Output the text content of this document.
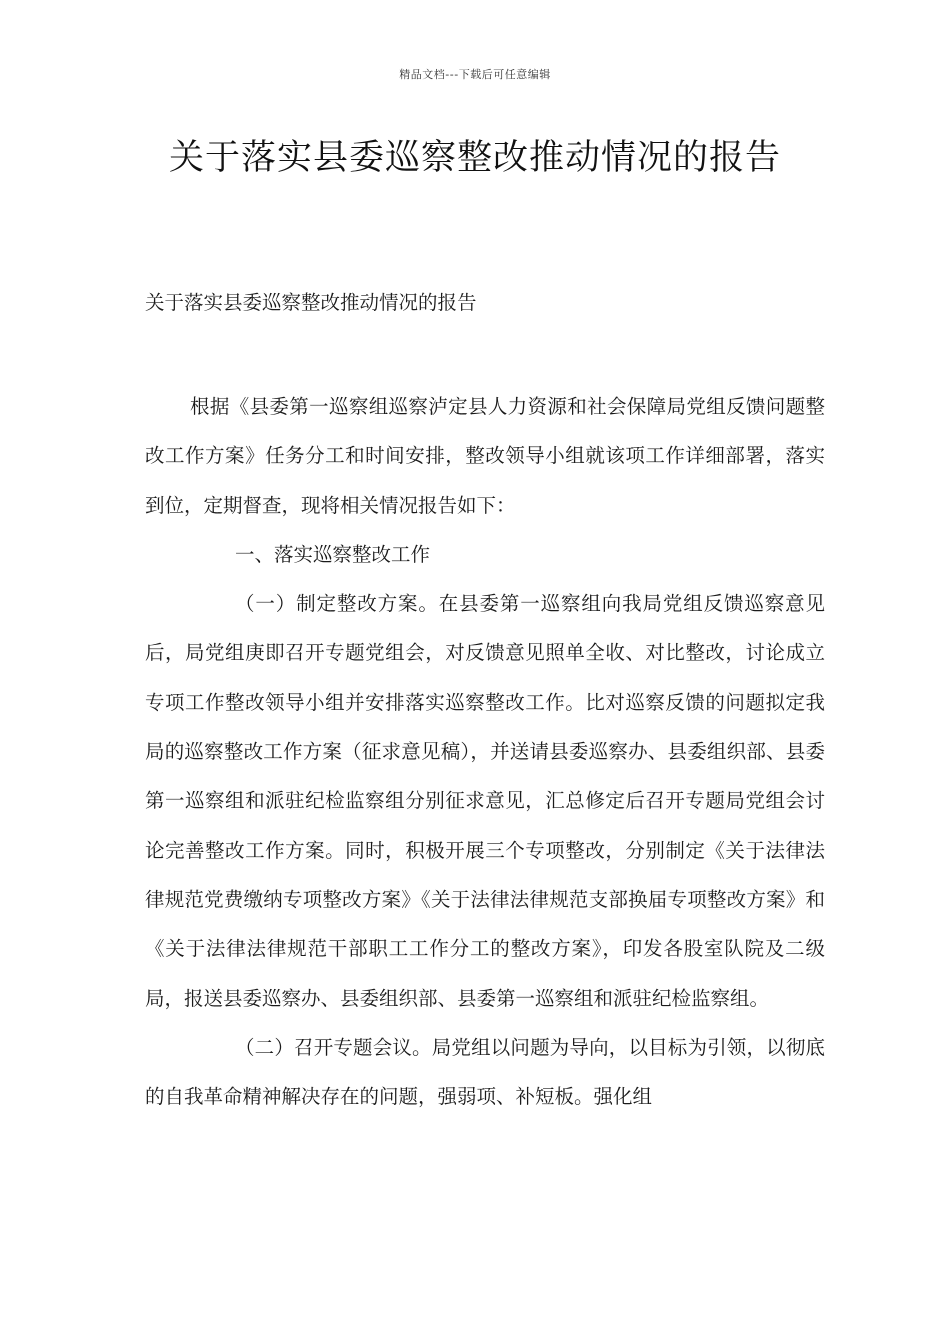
精品文档---下载后可任意编辑
关于落实县委巡察整改推动情况的报告
关于落实县委巡察整改推动情况的报告

根据《县委第一巡察组巡察泸定县人力资源和社会保障局党组反馈问题整改工作方案》任务分工和时间安排，整改领导小组就该项工作详细部署，落实到位，定期督查，现将相关情况报告如下：

一、落实巡察整改工作

（一）制定整改方案。在县委第一巡察组向我局党组反馈巡察意见后，局党组庚即召开专题党组会，对反馈意见照单全收、对比整改，讨论成立专项工作整改领导小组并安排落实巡察整改工作。比对巡察反馈的问题拟定我局的巡察整改工作方案（征求意见稿），并送请县委巡察办、县委组织部、县委第一巡察组和派驻纪检监察组分别征求意见，汇总修定后召开专题局党组会讨论完善整改工作方案。同时，积极开展三个专项整改，分别制定《关于法律法律规范党费缴纳专项整改方案》《关于法律法律规范支部换届专项整改方案》和《关于法律法律规范干部职工工作分工的整改方案》，印发各股室队院及二级局，报送县委巡察办、县委组织部、县委第一巡察组和派驻纪检监察组。

（二）召开专题会议。局党组以问题为导向，以目标为引领，以彻底的自我革命精神解决存在的问题，强弱项、补短板。强化组
